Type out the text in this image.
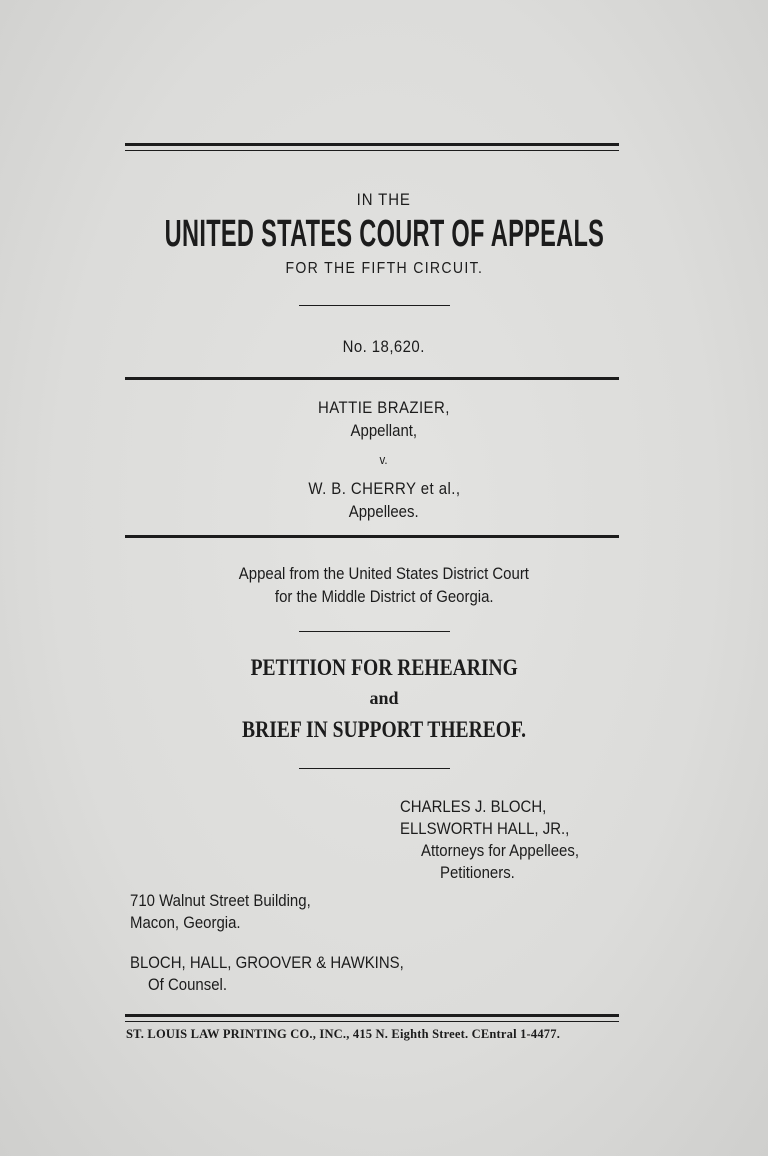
IN THE
UNITED STATES COURT OF APPEALS
FOR THE FIFTH CIRCUIT.
No. 18,620.
HATTIE BRAZIER,
Appellant,
v.
W. B. CHERRY et al.,
Appellees.
Appeal from the United States District Court
for the Middle District of Georgia.
PETITION FOR REHEARING
and
BRIEF IN SUPPORT THEREOF.
CHARLES J. BLOCH,
ELLSWORTH HALL, JR.,
Attorneys for Appellees,
Petitioners.
710 Walnut Street Building,
Macon, Georgia.
BLOCH, HALL, GROOVER & HAWKINS,
Of Counsel.
ST. LOUIS LAW PRINTING CO., INC., 415 N. Eighth Street. CEntral 1-4477.
